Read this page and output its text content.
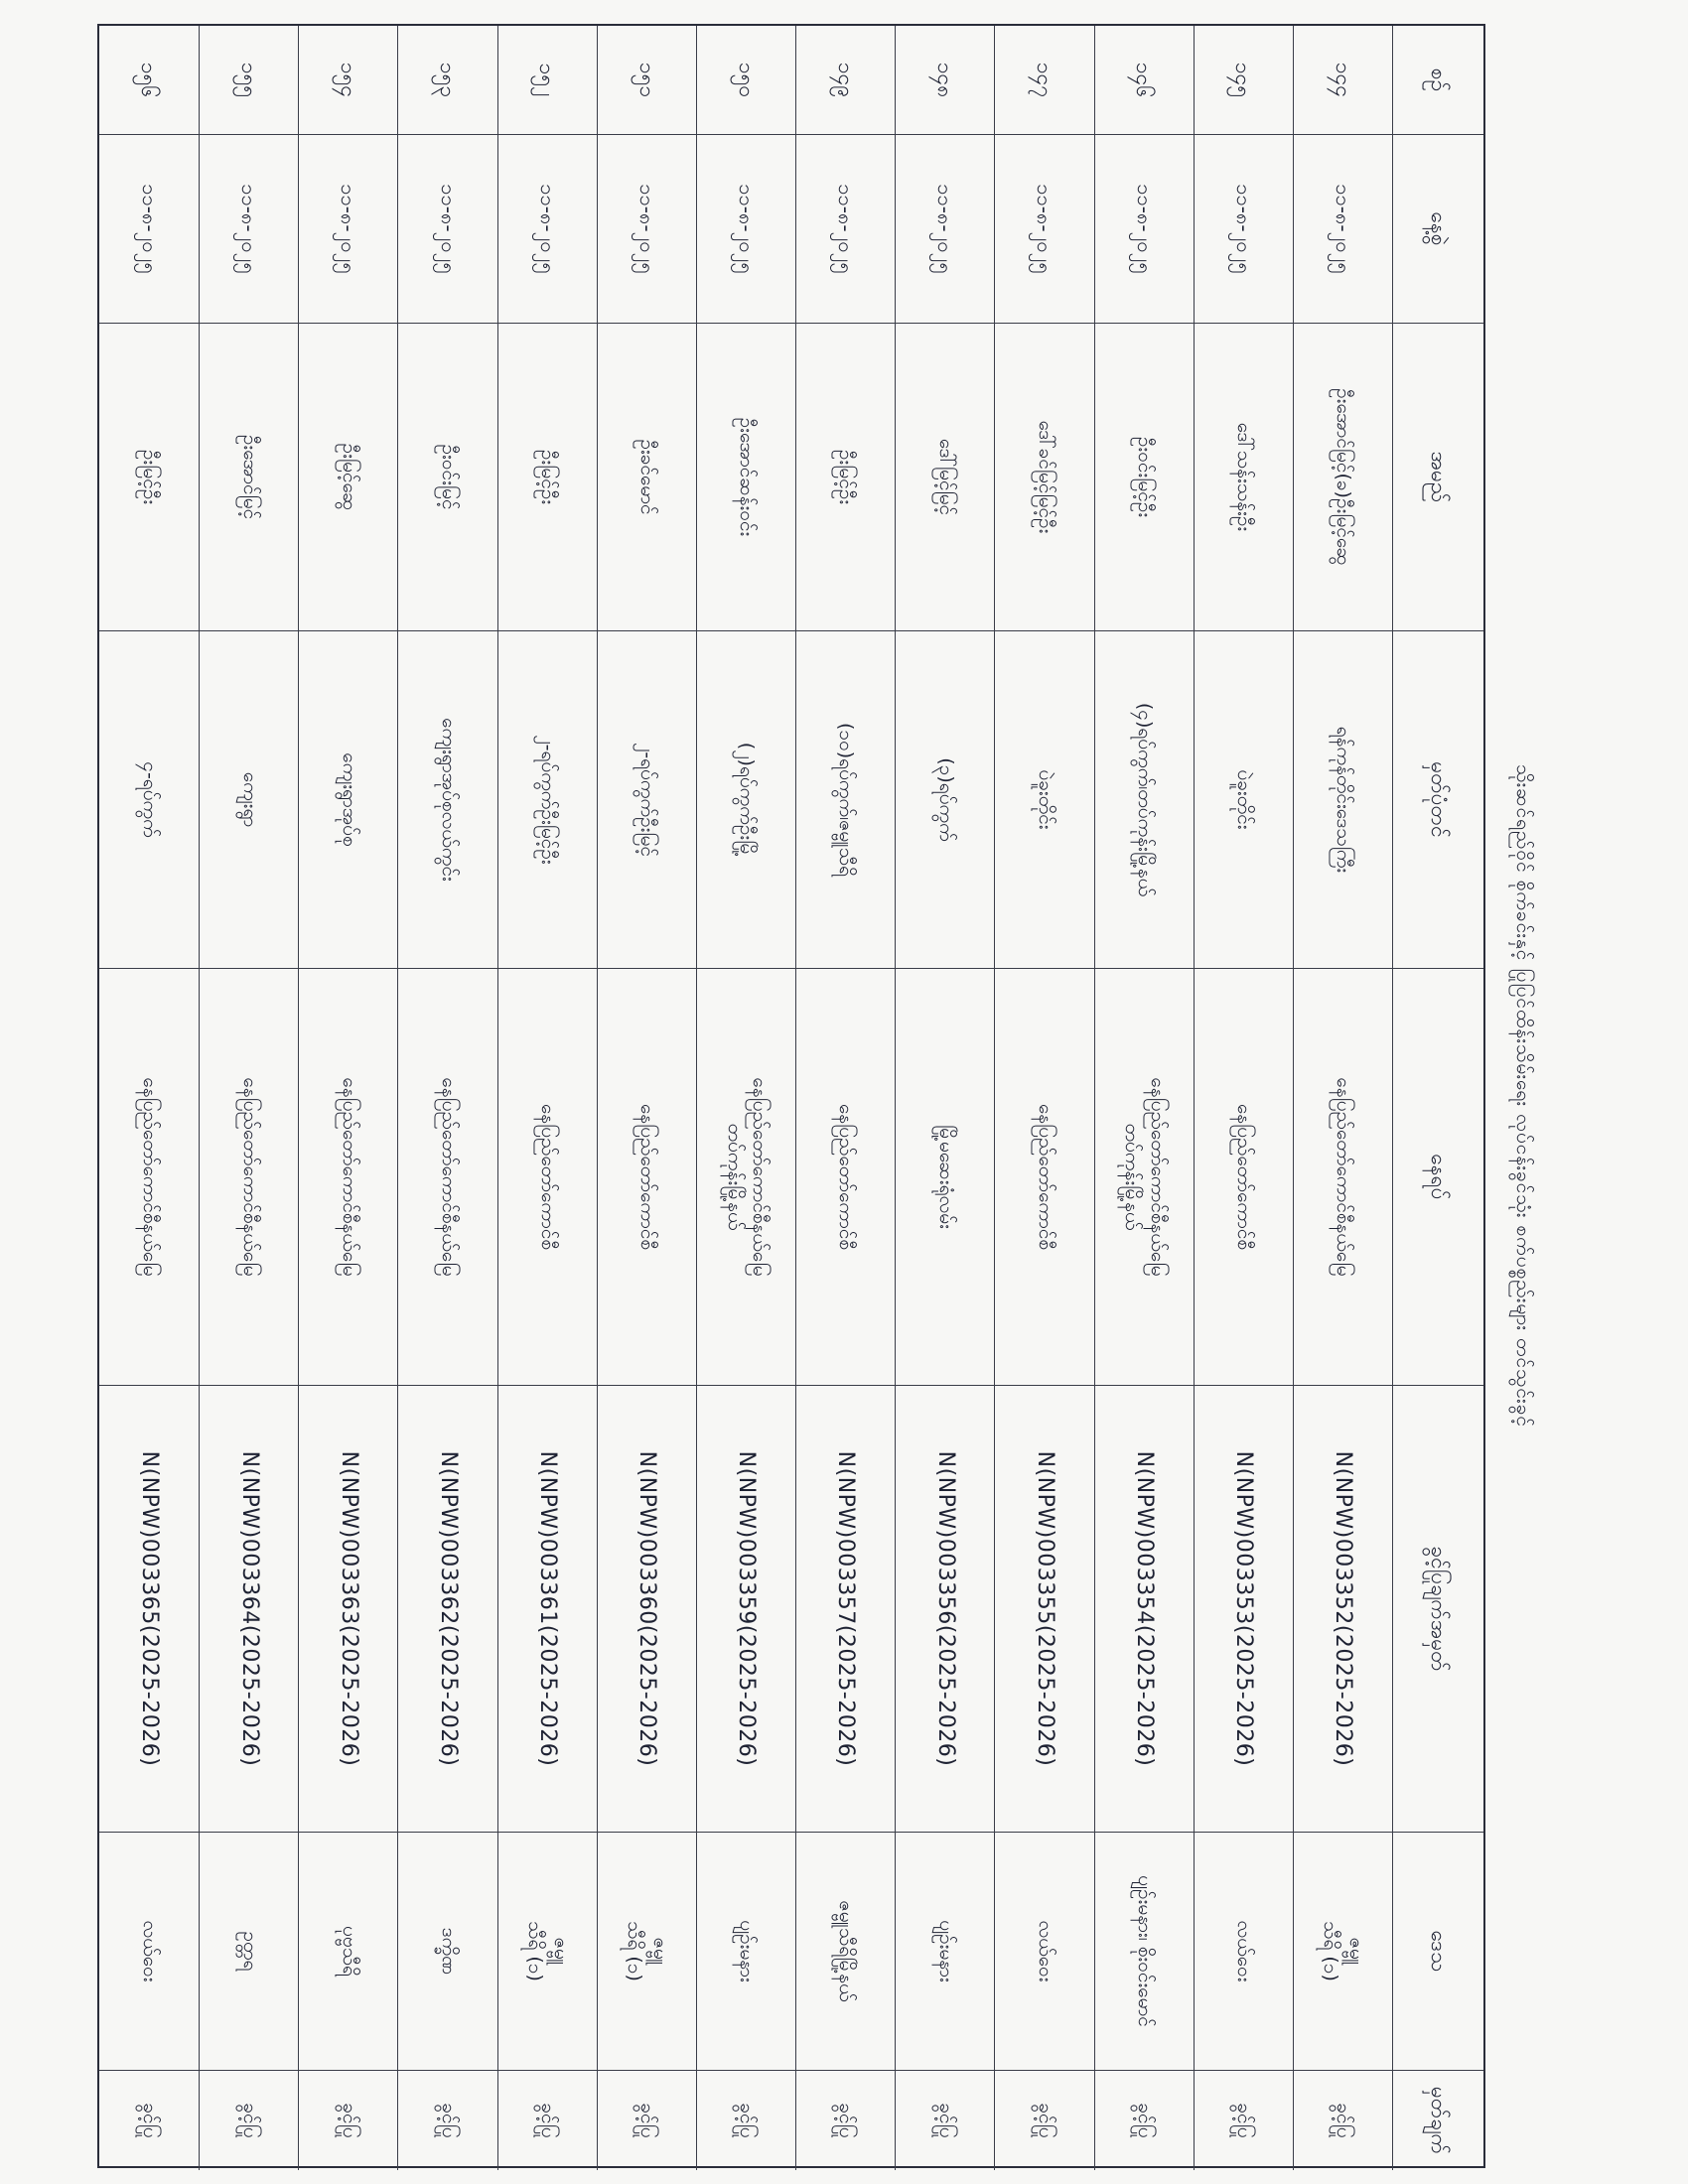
သိုးဆင်ရည်ဝိုင် စိုက်ခင်းနှင့် ပြုပြင်ထိန်းသိမ်းရေး လုပ်ငန်းခွင်သုံး စက်ပစ္စည်းများ တင်သွင်းခွင့်
စဉ်
နေ့စွဲ
အမည်
မှတ်ပုံတင်
နေရပ်
ခွင့်ပြုချက်အမှတ်
ဒေသ
မှတ်ချက်
၁၄၄
၁၁-၈-၂၀၂၅
ဦးအောင်မြင့်(ခ)ဦးမြင့်ဆွေ
ရန်ကုန်တိုင်းဒေသကြီး
နေပြည်တော်ကောင်စီနယ်မြေ
N(NPW)003352(2025-2026)
ဇမ္ဗူ
သီရိ (၁)
ခွင့်ပြု
၁၄၅
၁၁-၈-၂၀၂၅
ဒေါ်သန်းသန်းဦး
ပဲခူးတိုင်း
နေပြည်တော်ကောင်စီ
N(NPW)003353(2025-2026)
လယ်ဝေး
ခွင့်ပြု
၁၄၆
၁၁-၈-၂၀၂၅
ဦးဝင်းမြင့်ဦး
(၄)ရပ်ကွက်၊တပ်ကုန်းမြို့နယ်
နေပြည်တော်ကောင်စီနယ်မြေ
တပ်ကုန်းမြို့နယ်
N(NPW)003354(2025-2026)
ပျဉ်းမနား၊ စိုးဝင်းမောင်
ခွင့်ပြု
၁၄၇
၁၁-၈-၂၀၂၅
ဒေါ်ခင်မြင့်မြင့်ဦး
ပဲခူးတိုင်း
နေပြည်တော်ကောင်စီ
N(NPW)003355(2025-2026)
လယ်ဝေး
ခွင့်ပြု
၁၄၈
၁၁-၈-၂၀၂၅
ဒေါ်မြင့်မြင့်
(၃)ရပ်ကွက်
မြို့မဆေးရုံလမ်း
N(NPW)003356(2025-2026)
ပျဉ်းမနား
ခွင့်ပြု
၁၄၉
၁၁-၈-၂၀၂၅
ဦးမြင့်ဦး
(၁၀)ရပ်ကွက်၊ဇမ္ဗူသီရိ
နေပြည်တော်ကောင်စီ
N(NPW)003357(2025-2026)
ဇမ္ဗူသီရိမြို့နယ်
ခွင့်ပြု
၁၅၀
၁၁-၈-၂၀၂၅
ဦးအောင်ဆန်းဝင်း
(၂)ရပ်ကွက်ဦးမြို့
နေပြည်တော်ကောင်စီနယ်မြေ
တပ်ကုန်းမြို့နယ်
N(NPW)003359(2025-2026)
ပျဉ်းမနား
ခွင့်ပြု
၁၅၁
၁၁-၈-၂၀၂၅
ဦးခင်မောင်
၂-ရပ်ကွက်ဦးမြင့်
နေပြည်တော်ကောင်စီ
N(NPW)003360(2025-2026)
ဇမ္ဗူ
သီရိ (၁)
ခွင့်ပြု
၁၅၂
၁၁-၈-၂၀၂၅
ဦးမြင့်ဦး
၂-ရပ်ကွက်ဦးမြင့်ဦး
နေပြည်တော်ကောင်စီ
N(NPW)003361(2025-2026)
ဇမ္ဗူ
သီရိ (၁)
ခွင့်ပြု
၁၅၃
၁၁-၈-၂၀၂၅
ဦးဝင်းမြင့်
ကျေးရွာအုပ်စုလယ်ကွင်း
နေပြည်တော်ကောင်စီနယ်မြေ
N(NPW)003362(2025-2026)
ဒက္ခိဏ
ခွင့်ပြု
၁၅၄
၁၁-၈-၂၀၂၅
ဦးမြင့်ဆွေ
ကျေးရွာအုပ်စု
နေပြည်တော်ကောင်စီနယ်မြေ
N(NPW)003363(2025-2026)
ပုဗ္ဗသီရိ
ခွင့်ပြု
၁၅၅
၁၁-၈-၂၀၂၅
ဦးအောင်မြင့်
ကျေးရွာ
နေပြည်တော်ကောင်စီနယ်မြေ
N(NPW)003364(2025-2026)
ဥတ္တရ
ခွင့်ပြု
၁၅၆
၁၁-၈-၂၀၂၅
ဦးမြင့်ဦး
၄-ရပ်ကွက်
နေပြည်တော်ကောင်စီနယ်မြေ
N(NPW)003365(2025-2026)
လယ်ဝေး
ခွင့်ပြု
